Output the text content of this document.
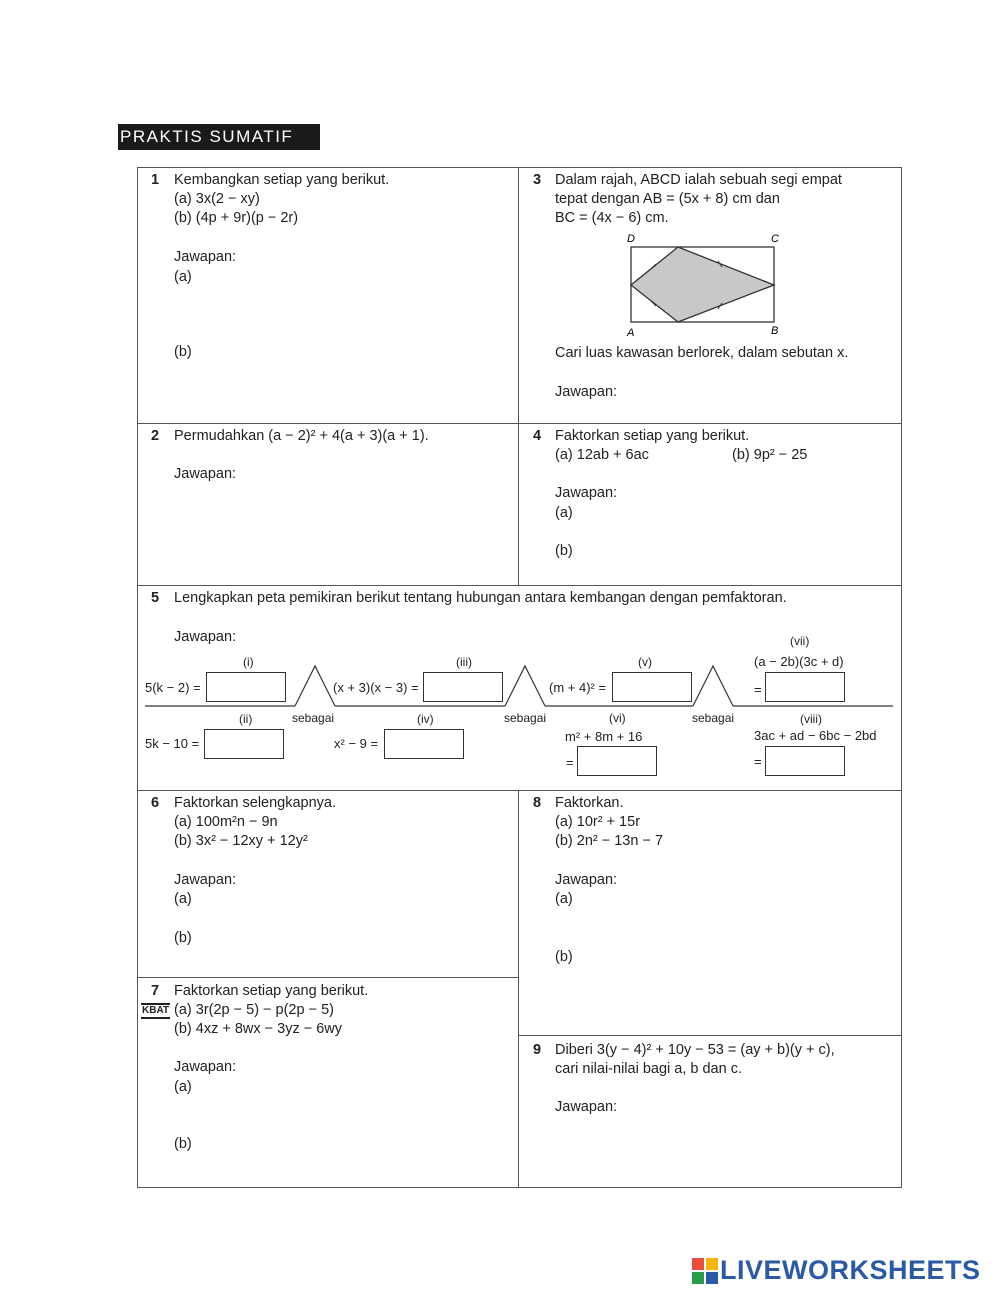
PRAKTIS SUMATIF
1 Kembangkan setiap yang berikut.
(a) 3x(2 − xy)
(b) (4p + 9r)(p − 2r)
Jawapan:
(a)
(b)
3 Dalam rajah, ABCD ialah sebuah segi empat
tepat dengan AB = (5x + 8) cm dan
BC = (4x − 6) cm.
D	C
A	B
Cari luas kawasan berlorek, dalam sebutan x.
Jawapan:
2 Permudahkan (a − 2)² + 4(a + 3)(a + 1).
Jawapan:
4 Faktorkan setiap yang berikut.
(a) 12ab + 6ac	(b) 9p² − 25
Jawapan:
(a)
(b)
5 Lengkapkan peta pemikiran berikut tentang hubungan antara kembangan dengan pemfaktoran.
Jawapan:
(i)
5(k − 2) =
(iii)
(x + 3)(x − 3) =
(v)
(m + 4)² =
(vii)
(a − 2b)(3c + d)
=
sebagai	sebagai	sebagai
(ii)
5k − 10 =
(iv)
x² − 9 =
(vi)
m² + 8m + 16
=
(viii)
3ac + ad − 6bc − 2bd
=
6 Faktorkan selengkapnya.
(a) 100m²n − 9n
(b) 3x² − 12xy + 12y²
Jawapan:
(a)
(b)
8 Faktorkan.
(a) 10r² + 15r
(b) 2n² − 13n − 7
Jawapan:
(a)
(b)
7
KBAT
Faktorkan setiap yang berikut.
(a) 3r(2p − 5) − p(2p − 5)
(b) 4xz + 8wx − 3yz − 6wy
Jawapan:
(a)
(b)
9 Diberi 3(y − 4)² + 10y − 53 = (ay + b)(y + c),
cari nilai-nilai bagi a, b dan c.
Jawapan:
LIVEWORKSHEETS
